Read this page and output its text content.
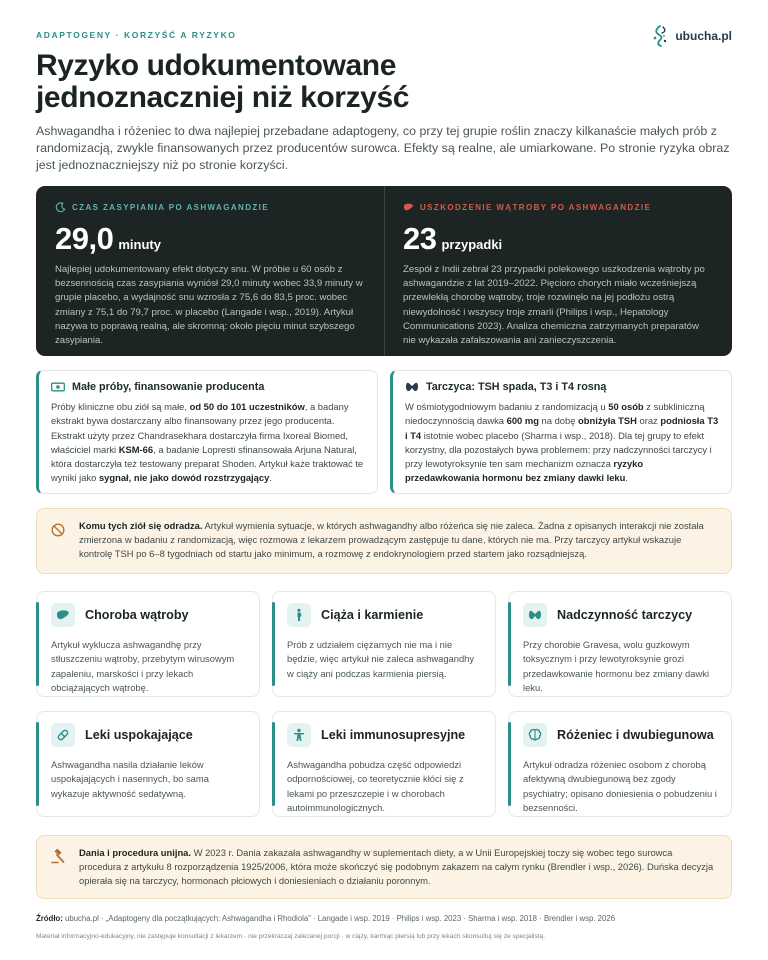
ADAPTOGENY · KORZYŚĆ A RYZYKO	ubucha.pl
Ryzyko udokumentowane jednoznaczniej niż korzyść

Ashwagandha i różeniec to dwa najlepiej przebadane adaptogeny, co przy tej grupie roślin znaczy kilkanaście małych prób z randomizacją, zwykle finansowanych przez producentów surowca. Efekty są realne, ale umiarkowane. Po stronie ryzyka obraz jest jednoznaczniejszy niż po stronie korzyści.

CZAS ZASYPIANIA PO ASHWAGANDZIE
29,0 minuty

Najlepiej udokumentowany efekt dotyczy snu. W próbie u 60 osób z bezsennością czas zasypiania wyniósł 29,0 minuty wobec 33,9 minuty w grupie placebo, a wydajność snu wzrosła z 75,6 do 83,5 proc. wobec zmiany z 75,1 do 79,7 proc. w placebo (Langade i wsp., 2019). Artykuł nazywa to poprawą realną, ale skromną: około pięciu minut szybszego zasypiania.

USZKODZENIE WĄTROBY PO ASHWAGANDZIE
23 przypadki

Zespół z Indii zebrał 23 przypadki polekowego uszkodzenia wątroby po ashwagandzie z lat 2019–2022. Pięcioro chorych miało wcześniejszą przewlekłą chorobę wątroby, troje rozwinęło na jej podłożu ostrą niewydolność i wszyscy troje zmarli (Philips i wsp., Hepatology Communications 2023). Analiza chemiczna zatrzymanych preparatów nie wykazała zafałszowania ani zanieczyszczenia.

Małe próby, finansowanie producenta

Próby kliniczne obu ziół są małe, od 50 do 101 uczestników, a badany ekstrakt bywa dostarczany albo finansowany przez jego producenta. Ekstrakt użyty przez Chandrasekhara dostarczyła firma Ixoreal Biomed, właściciel marki KSM-66, a badanie Lopresti sfinansowała Arjuna Natural, która dostarczyła też testowany preparat Shoden. Artykuł każe traktować te wyniki jako sygnał, nie jako dowód rozstrzygający.

Tarczyca: TSH spada, T3 i T4 rosną

W ośmiotygodniowym badaniu z randomizacją u 50 osób z subkliniczną niedoczynnością dawka 600 mg na dobę obniżyła TSH oraz podniosła T3 i T4 istotnie wobec placebo (Sharma i wsp., 2018). Dla tej grupy to efekt korzystny, dla pozostałych bywa problemem: przy nadczynności tarczycy i przy lewotyroksynie ten sam mechanizm oznacza ryzyko przedawkowania hormonu bez zmiany dawki leku.

Komu tych ziół się odradza. Artykuł wymienia sytuacje, w których ashwagandhy albo różeńca się nie zaleca. Żadna z opisanych interakcji nie została zmierzona w badaniu z randomizacją, więc rozmowa z lekarzem prowadzącym zastępuje tu dane, których nie ma. Przy tarczycy artykuł wskazuje kontrolę TSH po 6–8 tygodniach od startu jako minimum, a rozmowę z endokrynologiem przed startem jako rozsądniejszą.

Choroba wątroby

Artykuł wyklucza ashwagandhę przy stłuszczeniu wątroby, przebytym wirusowym zapaleniu, marskości i przy lekach obciążających wątrobę.

Ciąża i karmienie

Prób z udziałem ciężarnych nie ma i nie będzie, więc artykuł nie zaleca ashwagandhy w ciąży ani podczas karmienia piersią.

Nadczynność tarczycy

Przy chorobie Gravesa, wolu guzkowym toksycznym i przy lewotyroksynie grozi przedawkowanie hormonu bez zmiany dawki leku.

Leki uspokajające

Ashwagandha nasila działanie leków uspokajających i nasennych, bo sama wykazuje aktywność sedatywną.

Leki immunosupresyjne

Ashwagandha pobudza część odpowiedzi odpornościowej, co teoretycznie kłóci się z lekami po przeszczepie i w chorobach autoimmunologicznych.

Różeniec i dwubiegunowa

Artykuł odradza różeniec osobom z chorobą afektywną dwubiegunową bez zgody psychiatry; opisano doniesienia o pobudzeniu i bezsenności.

Dania i procedura unijna. W 2023 r. Dania zakazała ashwagandhy w suplementach diety, a w Unii Europejskiej toczy się wobec tego surowca procedura z artykułu 8 rozporządzenia 1925/2006, która może skończyć się podobnym zakazem na całym rynku (Brendler i wsp., 2026). Duńska decyzja opierała się na tarczycy, hormonach płciowych i doniesieniach o działaniu poronnym.

Źródło: ubucha.pl · „Adaptogeny dla początkujących: Ashwagandha i Rhodiola” · Langade i wsp. 2019 · Philips i wsp. 2023 · Sharma i wsp. 2018 · Brendler i wsp. 2026

Materiał informacyjno-edukacyjny, nie zastępuje konsultacji z lekarzem · nie przekraczaj zalecanej porcji · w ciąży, karmiąc piersią lub przy lekach skonsultuj się ze specjalistą.
